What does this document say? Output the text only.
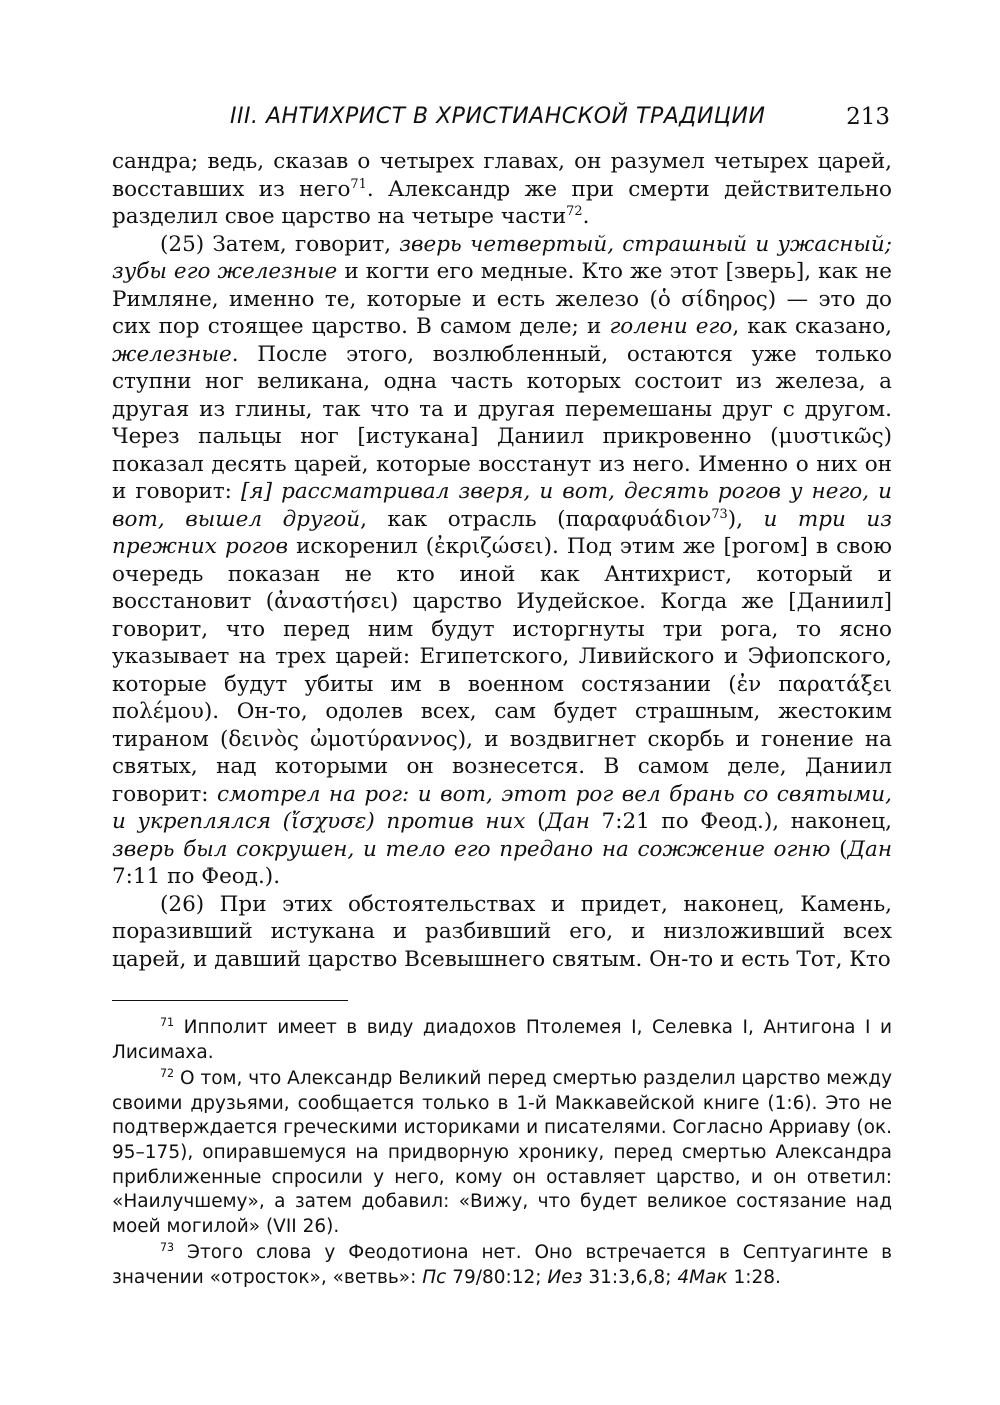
III. АНТИХРИСТ В ХРИСТИАНСКОЙ ТРАДИЦИИ	213

сандра; ведь, сказав о четырех главах, он разумел четырех царей, восставших из него$^{71}$. Александр же при смерти действительно разделил свое царство на четыре части$^{72}$.

(25) Затем, говорит, зверь четвертый, страшный и ужасный; зубы его железные и когти его медные. Кто же этот [зверь], как не Римляне, именно те, которые и есть железо (ὁ σίδηρος) — это до сих пор стоящее царство. В самом деле; и голени его, как сказано, железные. После этого, возлюбленный, остаются уже только ступни ног великана, одна часть которых состоит из железа, а другая из глины, так что та и другая перемешаны друг с другом. Через пальцы ног [истукана] Даниил прикровенно (μυστικῶς) показал десять царей, которые восстанут из него. Именно о них он и говорит: [я] рассматривал зверя, и вот, десять рогов у него, и вот, вышел другой, как отрасль (παραφυάδιον$^{73}$), и три из прежних рогов искоренил (ἐκριζώσει). Под этим же [рогом] в свою очередь показан не кто иной как Антихрист, который и восстановит (ἀναστήσει) царство Иудейское. Когда же [Даниил] говорит, что перед ним будут исторгнуты три рога, то ясно указывает на трех царей: Египетского, Ливийского и Эфиопского, которые будут убиты им в военном состязании (ἐν παρατάξει πολέμου). Он-то, одолев всех, сам будет страшным, жестоким тираном (δεινὸς ὠμοτύραννος), и воздвигнет скорбь и гонение на святых, над которыми он вознесется. В самом деле, Даниил говорит: смотрел на рог: и вот, этот рог вел брань со святыми, и укреплялся (ἴσχυσε) против них (Дан 7:21 по Феод.), наконец, зверь был сокрушен, и тело его предано на сожжение огню (Дан 7:11 по Феод.).

(26) При этих обстоятельствах и придет, наконец, Камень, поразивший истукана и разбивший его, и низложивший всех царей, и давший царство Всевышнего святым. Он-то и есть Тот, Кто

$^{71}$ Ипполит имеет в виду диадохов Птолемея I, Селевка I, Антигона I и Лисимаха.

$^{72}$ О том, что Александр Великий перед смертью разделил царство между своими друзьями, сообщается только в 1-й Маккавейской книге (1:6). Это не подтверждается греческими историками и писателями. Согласно Арриаву (ок. 95–175), опиравшемуся на придворную хронику, перед смертью Александра приближенные спросили у него, кому он оставляет царство, и он ответил: «Наилучшему», а затем добавил: «Вижу, что будет великое состязание над моей могилой» (VII 26).

$^{73}$ Этого слова у Феодотиона нет. Оно встречается в Септуагинте в значении «отросток», «ветвь»: Пс 79/80:12; Иез 31:3,6,8; 4Мак 1:28.
